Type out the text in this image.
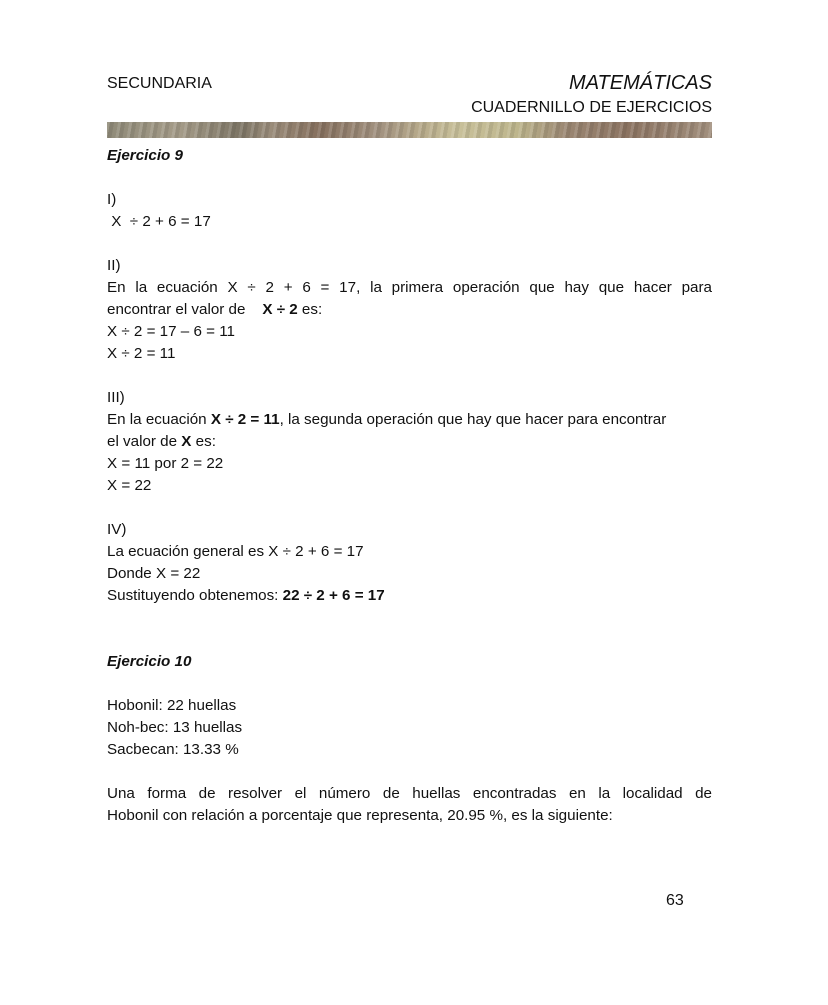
SECUNDARIA	MATEMÁTICAS
CUADERNILLO DE EJERCICIOS
Ejercicio 9
I)
X  ÷ 2 + 6 = 17
II)
En la ecuación X ÷ 2 + 6 = 17, la primera operación que hay que hacer para
encontrar el valor de    X ÷ 2 es:
X ÷ 2 = 17 – 6 = 11
X ÷ 2 = 11
III)
En la ecuación X ÷ 2 = 11, la segunda operación que hay que hacer para encontrar
el valor de X es:
X = 11 por 2 = 22
X = 22
IV)
La ecuación general es X ÷ 2 + 6 = 17
Donde X = 22
Sustituyendo obtenemos: 22 ÷ 2 + 6 = 17
Ejercicio 10
Hobonil: 22 huellas
Noh-bec: 13 huellas
Sacbecan: 13.33 %
Una forma de resolver el número de huellas encontradas en la localidad de
Hobonil con relación a porcentaje que representa, 20.95 %, es la siguiente:
63
